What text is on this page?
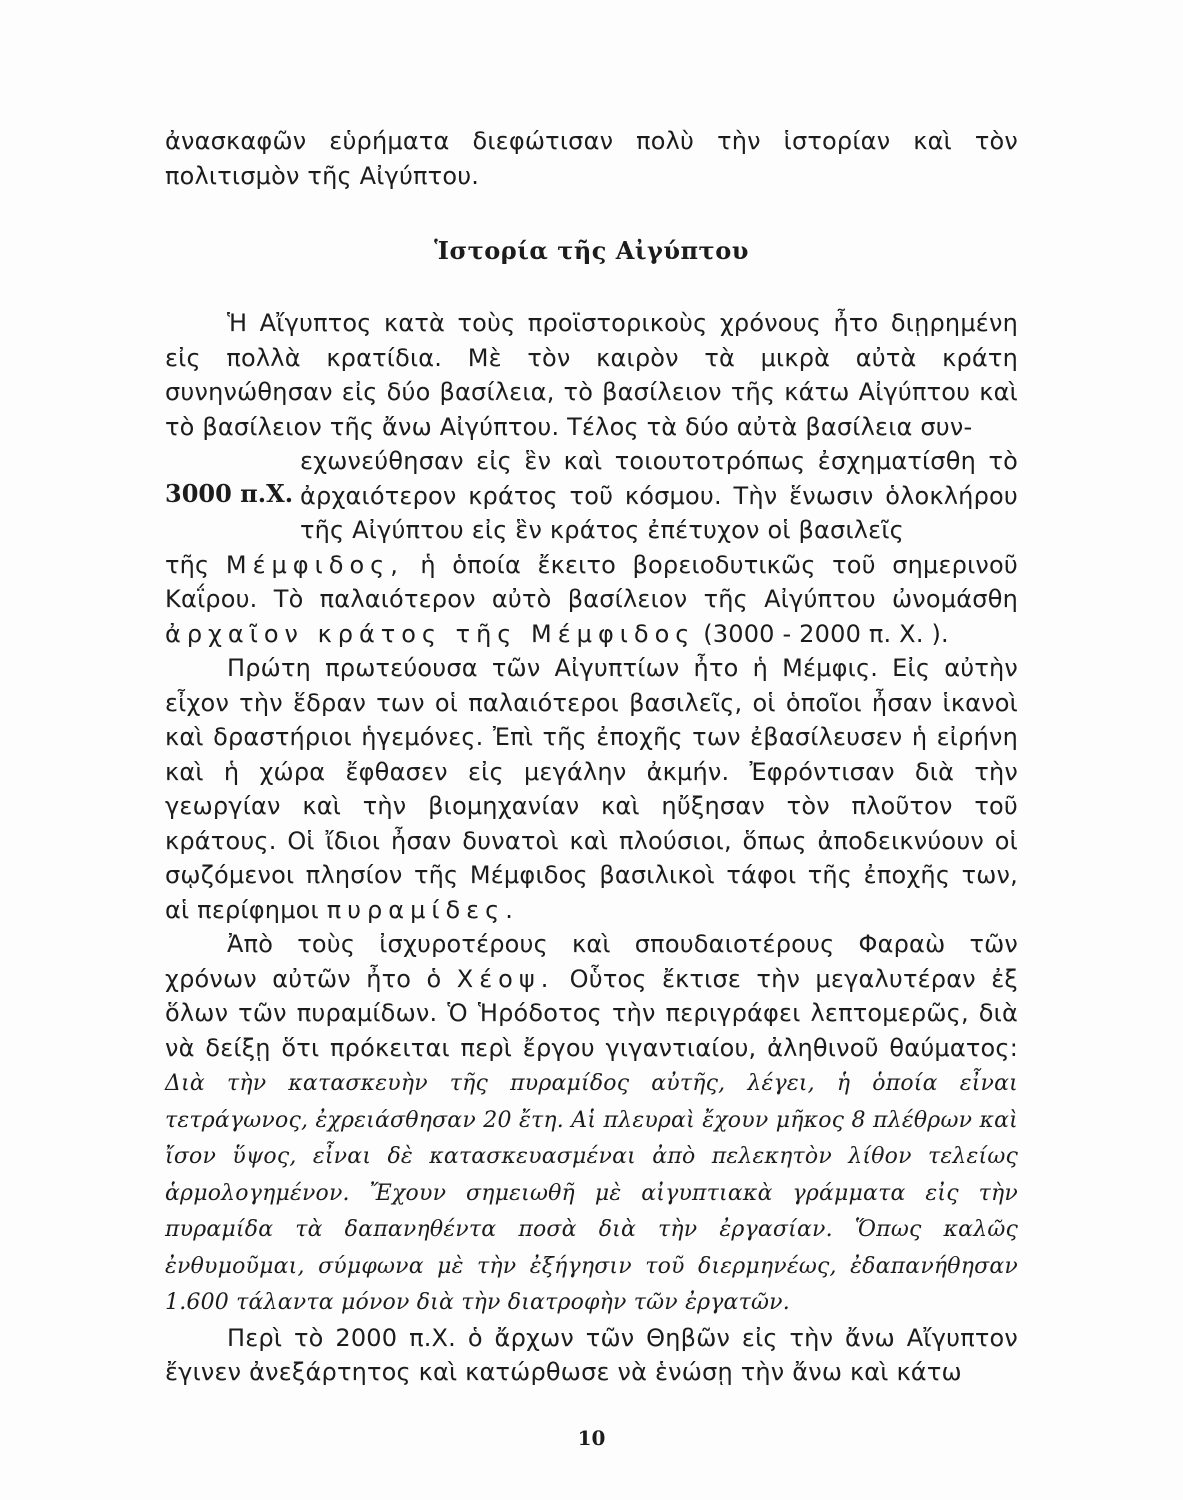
ἀνασκαφῶν εὑρήματα διεφώτισαν πολὺ τὴν ἱστορίαν καὶ τὸν πολιτισμὸν τῆς Αἰγύπτου.

Ἱστορία τῆς Αἰγύπτου
3000 π.Χ.

Ἡ Αἴγυπτος κατὰ τοὺς προϊστορικοὺς χρόνους ἦτο διῃρημένη εἰς πολλὰ κρατίδια. Μὲ τὸν καιρὸν τὰ μικρὰ αὐτὰ κράτη συνηνώθησαν εἰς δύο βασίλεια, τὸ βασίλειον τῆς κάτω Αἰγύπτου καὶ τὸ βασίλειον τῆς ἄνω Αἰγύπτου. Τέλος τὰ δύο αὐτὰ βασίλεια συν-

εχωνεύθησαν εἰς ἓν καὶ τοιουτοτρόπως ἐσχηματίσθη τὸ ἀρχαιότερον κράτος τοῦ κόσμου. Τὴν ἕνωσιν ὁλοκλήρου τῆς Αἰγύπτου εἰς ἓν κράτος ἐπέτυχον οἱ βασιλεῖς

τῆς Μέμφιδος, ἡ ὁποία ἔκειτο βορειοδυτικῶς τοῦ σημερινοῦ Καΐρου. Τὸ παλαιότερον αὐτὸ βασίλειον τῆς Αἰγύπτου ὠνομάσθη ἀρχαῖον κράτος τῆς Μέμφιδος (3000 - 2000 π. Χ. ).

Πρώτη πρωτεύουσα τῶν Αἰγυπτίων ἦτο ἡ Μέμφις. Εἰς αὐτὴν εἶχον τὴν ἕδραν των οἱ παλαιότεροι βασιλεῖς, οἱ ὁποῖοι ἦσαν ἱκανοὶ καὶ δραστήριοι ἡγεμόνες. Ἐπὶ τῆς ἐποχῆς των ἐβασίλευσεν ἡ εἰρήνη καὶ ἡ χώρα ἔφθασεν εἰς μεγάλην ἀκμήν. Ἐφρόντισαν διὰ τὴν γεωργίαν καὶ τὴν βιομηχανίαν καὶ ηὔξησαν τὸν πλοῦτον τοῦ κράτους. Οἱ ἴδιοι ἦσαν δυνατοὶ καὶ πλούσιοι, ὅπως ἀποδεικνύουν οἱ σῳζόμενοι πλησίον τῆς Μέμφιδος βασιλικοὶ τάφοι τῆς ἐποχῆς των, αἱ περίφημοι πυραμίδες.

Ἀπὸ τοὺς ἰσχυροτέρους καὶ σπουδαιοτέρους Φαραὼ τῶν χρόνων αὐτῶν ἦτο ὁ Χέοψ. Οὗτος ἔκτισε τὴν μεγαλυτέραν ἐξ ὅλων τῶν πυραμίδων. Ὁ Ἡρόδοτος τὴν περιγράφει λεπτομερῶς, διὰ νὰ δείξῃ ὅτι πρόκειται περὶ ἔργου γιγαντιαίου, ἀληθινοῦ θαύματος: Διὰ τὴν κατασκευὴν τῆς πυραμίδος αὐτῆς, λέγει, ἡ ὁποία εἶναι τετράγωνος, ἐχρειάσθησαν 20 ἔτη. Αἱ πλευραὶ ἔχουν μῆκος 8 πλέθρων καὶ ἴσον ὕψος, εἶναι δὲ κατασκευασμέναι ἀπὸ πελεκητὸν λίθον τελείως ἁρμολογημένον. Ἔχουν σημειωθῆ μὲ αἰγυπτιακὰ γράμματα εἰς τὴν πυραμίδα τὰ δαπανηθέντα ποσὰ διὰ τὴν ἐργασίαν. Ὅπως καλῶς ἐνθυμοῦμαι, σύμφωνα μὲ τὴν ἐξήγησιν τοῦ διερμηνέως, ἐδαπανήθησαν 1.600 τάλαντα μόνον διὰ τὴν διατροφὴν τῶν ἐργατῶν.

Περὶ τὸ 2000 π.Χ. ὁ ἄρχων τῶν Θηβῶν εἰς τὴν ἄνω Αἴγυπτον ἔγινεν ἀνεξάρτητος καὶ κατώρθωσε νὰ ἑνώσῃ τὴν ἄνω καὶ κάτω

10
